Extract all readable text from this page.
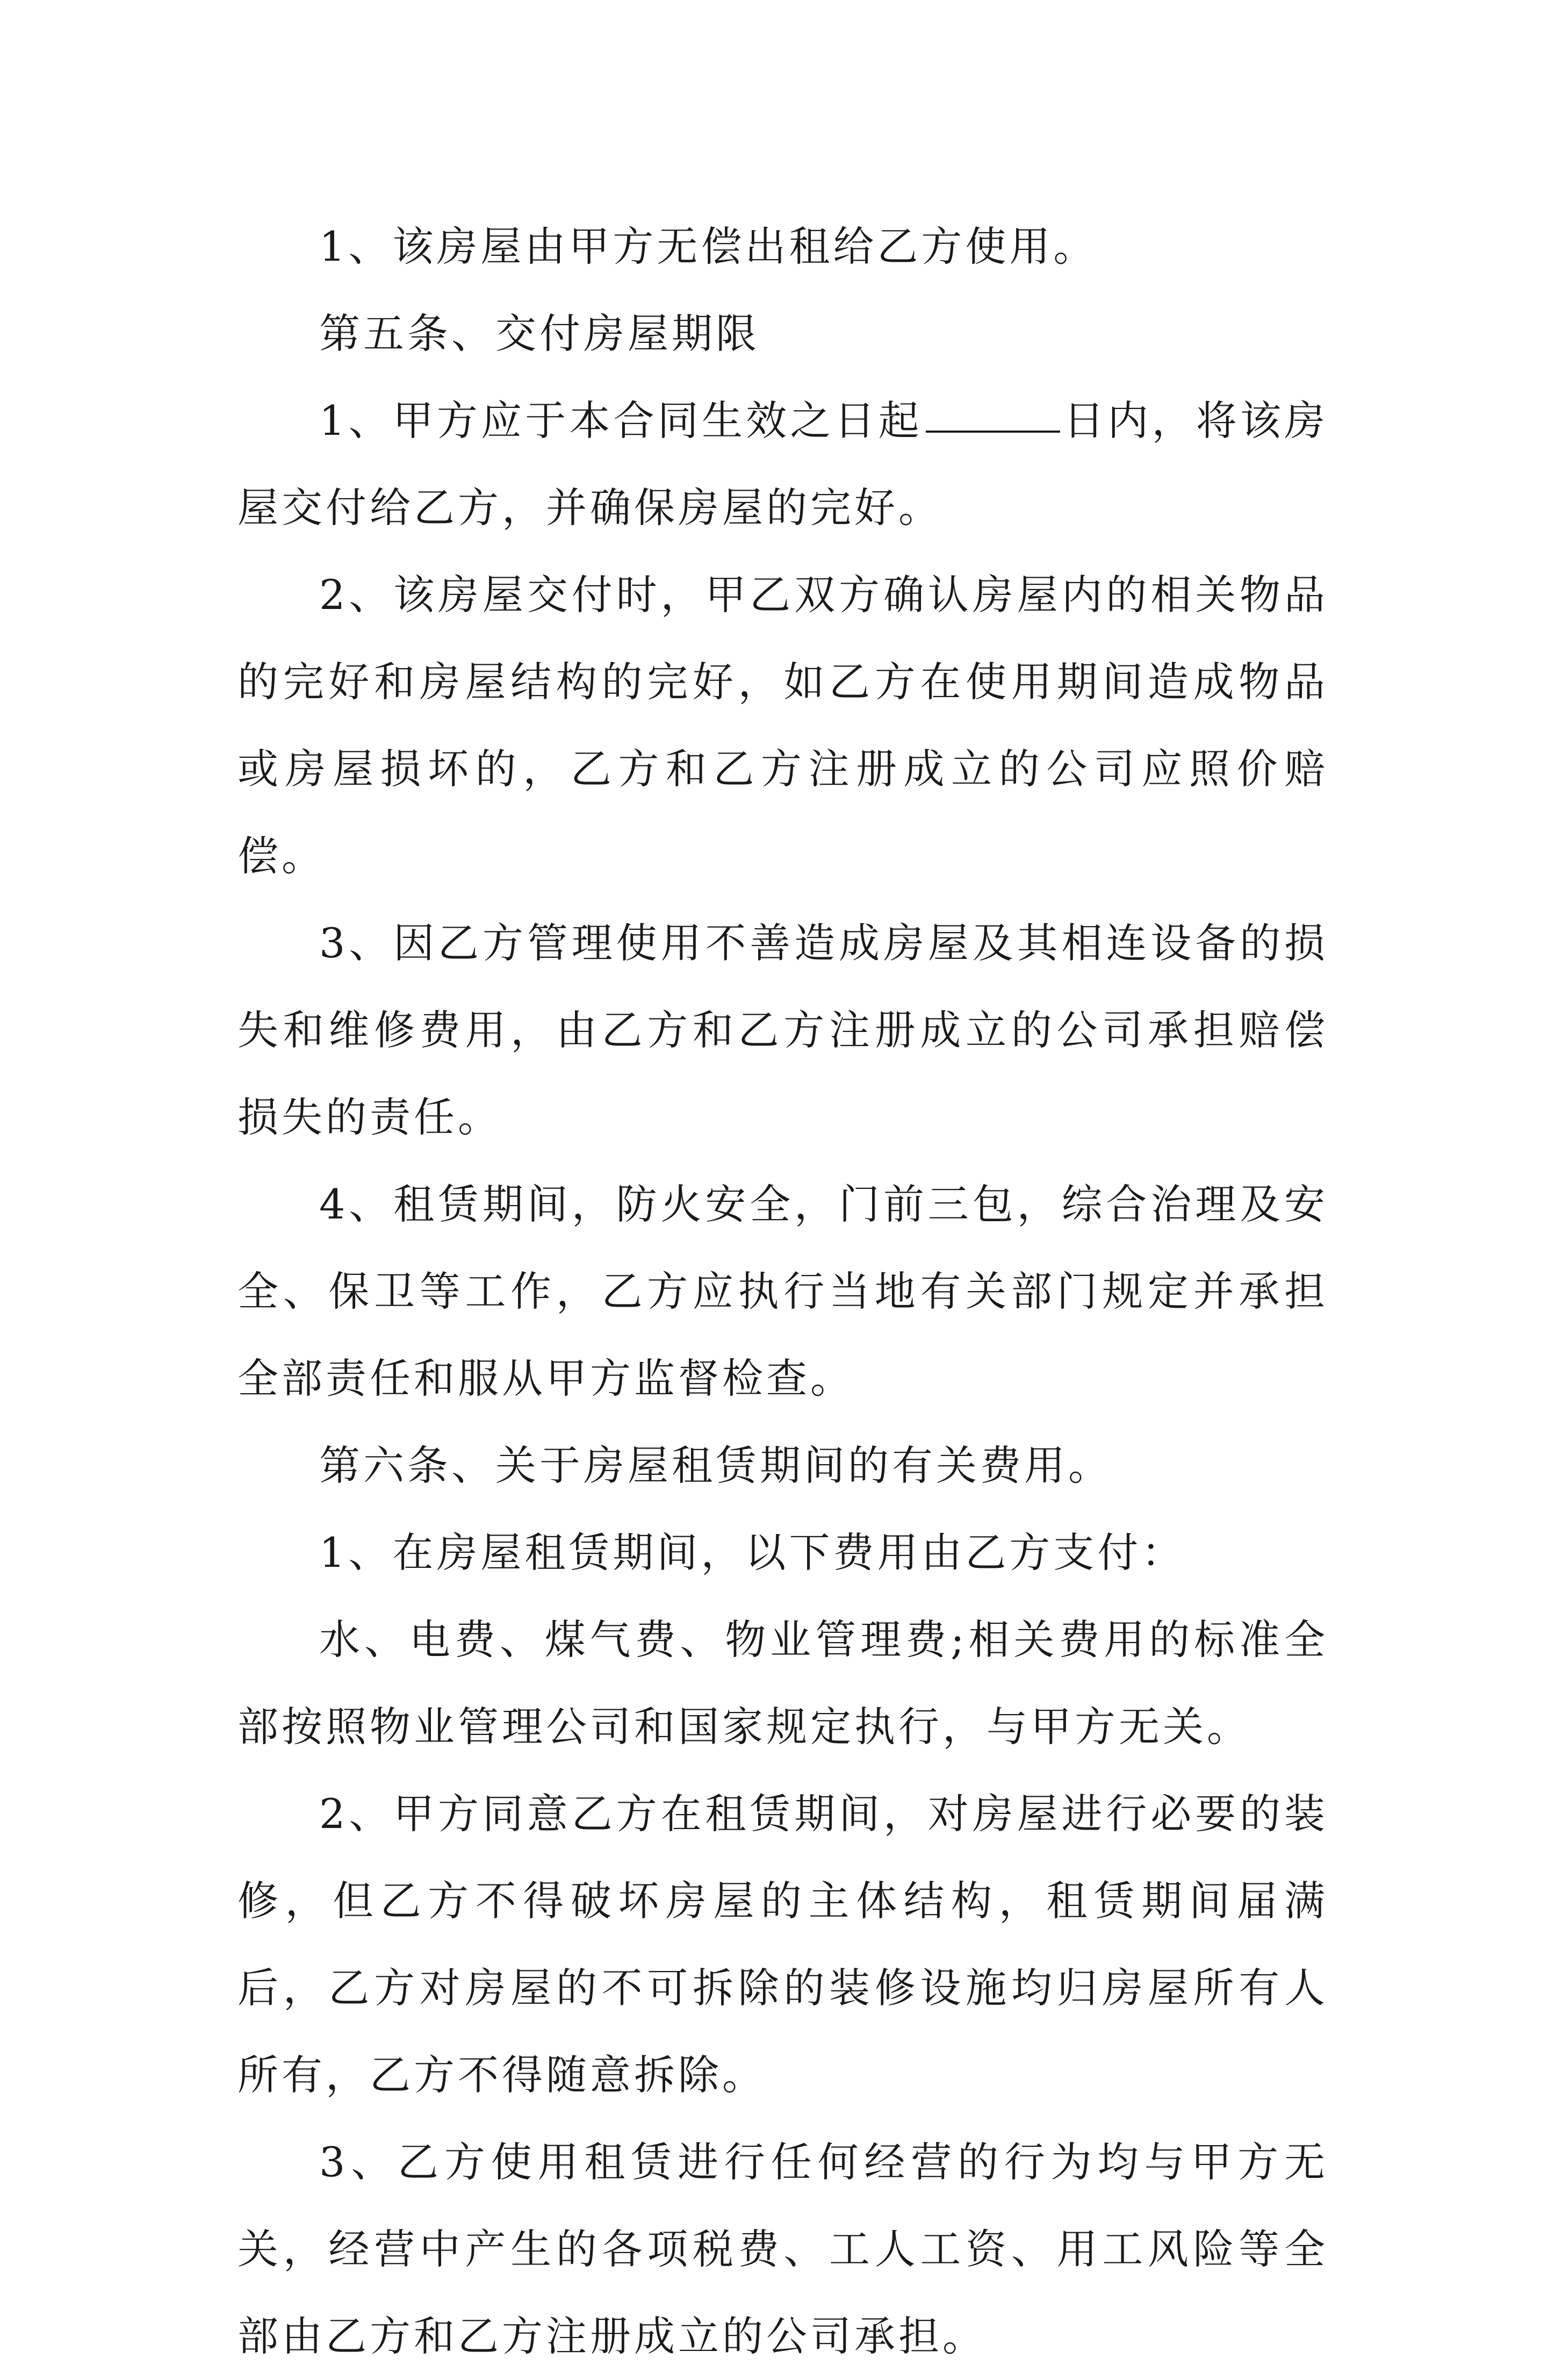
1、该房屋由甲方无偿出租给乙方使用。

第五条、交付房屋期限

1、甲方应于本合同生效之日起	日内，将该房屋交付给乙方，并确保房屋的完好。

2、该房屋交付时，甲乙双方确认房屋内的相关物品的完好和房屋结构的完好，如乙方在使用期间造成物品或房屋损坏的，乙方和乙方注册成立的公司应照价赔偿。

3、因乙方管理使用不善造成房屋及其相连设备的损失和维修费用，由乙方和乙方注册成立的公司承担赔偿损失的责任。

4、租赁期间，防火安全，门前三包，综合治理及安全、保卫等工作，乙方应执行当地有关部门规定并承担全部责任和服从甲方监督检查。

第六条、关于房屋租赁期间的有关费用。

1、在房屋租赁期间，以下费用由乙方支付：

水、电费、煤气费、物业管理费;相关费用的标准全部按照物业管理公司和国家规定执行，与甲方无关。

2、甲方同意乙方在租赁期间，对房屋进行必要的装修，但乙方不得破坏房屋的主体结构，租赁期间届满后，乙方对房屋的不可拆除的装修设施均归房屋所有人所有，乙方不得随意拆除。

3、乙方使用租赁进行任何经营的行为均与甲方无关，经营中产生的各项税费、工人工资、用工风险等全部由乙方和乙方注册成立的公司承担。
